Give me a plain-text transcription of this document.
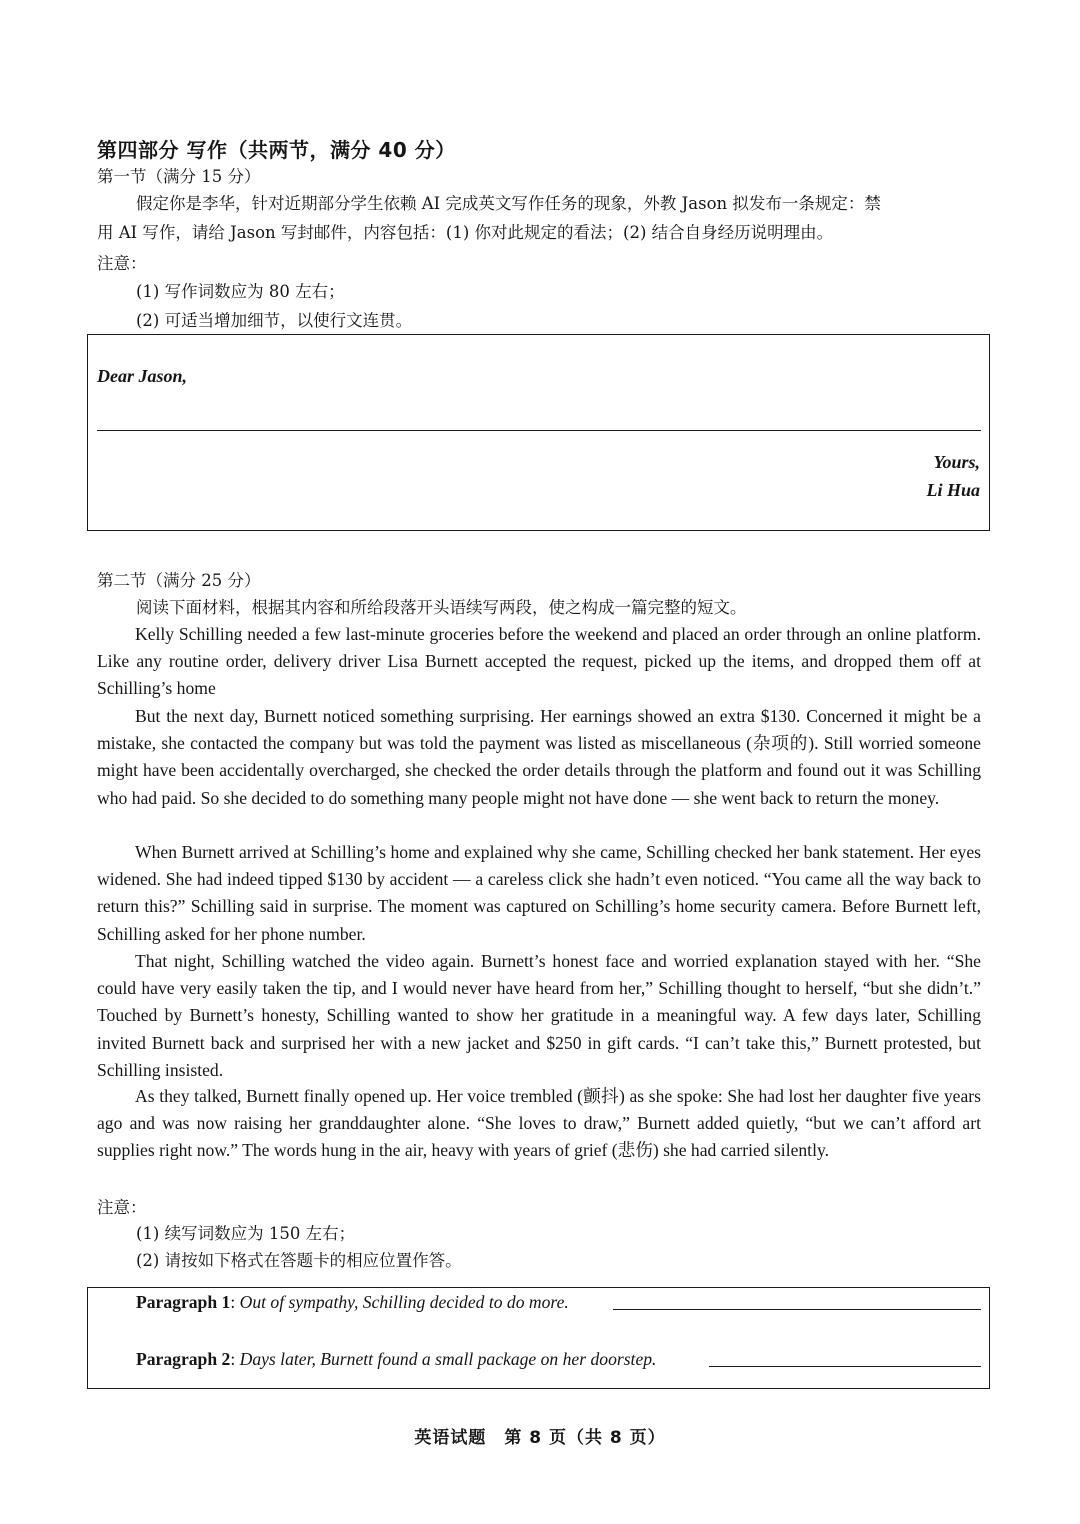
第四部分 写作（共两节，满分 40 分）
第一节（满分 15 分）
假定你是李华，针对近期部分学生依赖 AI 完成英文写作任务的现象，外教 Jason 拟发布一条规定：禁
用 AI 写作，请给 Jason 写封邮件，内容包括：(1) 你对此规定的看法；(2) 结合自身经历说明理由。
注意：
(1) 写作词数应为 80 左右；
(2) 可适当增加细节，以使行文连贯。
Dear Jason,
Yours,
Li Hua
第二节（满分 25 分）
阅读下面材料，根据其内容和所给段落开头语续写两段，使之构成一篇完整的短文。

Kelly Schilling needed a few last-minute groceries before the weekend and placed an order through an online platform. Like any routine order, delivery driver Lisa Burnett accepted the request, picked up the items, and dropped them off at Schilling’s home

But the next day, Burnett noticed something surprising. Her earnings showed an extra $130. Concerned it might be a mistake, she contacted the company but was told the payment was listed as miscellaneous (杂项的). Still worried someone might have been accidentally overcharged, she checked the order details through the platform and found out it was Schilling who had paid. So she decided to do something many people might not have done — she went back to return the money.

When Burnett arrived at Schilling’s home and explained why she came, Schilling checked her bank statement. Her eyes widened. She had indeed tipped $130 by accident — a careless click she hadn’t even noticed. “You came all the way back to return this?” Schilling said in surprise. The moment was captured on Schilling’s home security camera. Before Burnett left, Schilling asked for her phone number.

That night, Schilling watched the video again. Burnett’s honest face and worried explanation stayed with her. “She could have very easily taken the tip, and I would never have heard from her,” Schilling thought to herself, “but she didn’t.” Touched by Burnett’s honesty, Schilling wanted to show her gratitude in a meaningful way. A few days later, Schilling invited Burnett back and surprised her with a new jacket and $250 in gift cards. “I can’t take this,” Burnett protested, but Schilling insisted.

As they talked, Burnett finally opened up. Her voice trembled (颤抖) as she spoke: She had lost her daughter five years ago and was now raising her granddaughter alone. “She loves to draw,” Burnett added quietly, “but we can’t afford art supplies right now.” The words hung in the air, heavy with years of grief (悲伤) she had carried silently.

注意：
(1) 续写词数应为 150 左右；
(2) 请按如下格式在答题卡的相应位置作答。
Paragraph 1: Out of sympathy, Schilling decided to do more.
Paragraph 2: Days later, Burnett found a small package on her doorstep.
英语试题　第 8 页（共 8 页）
